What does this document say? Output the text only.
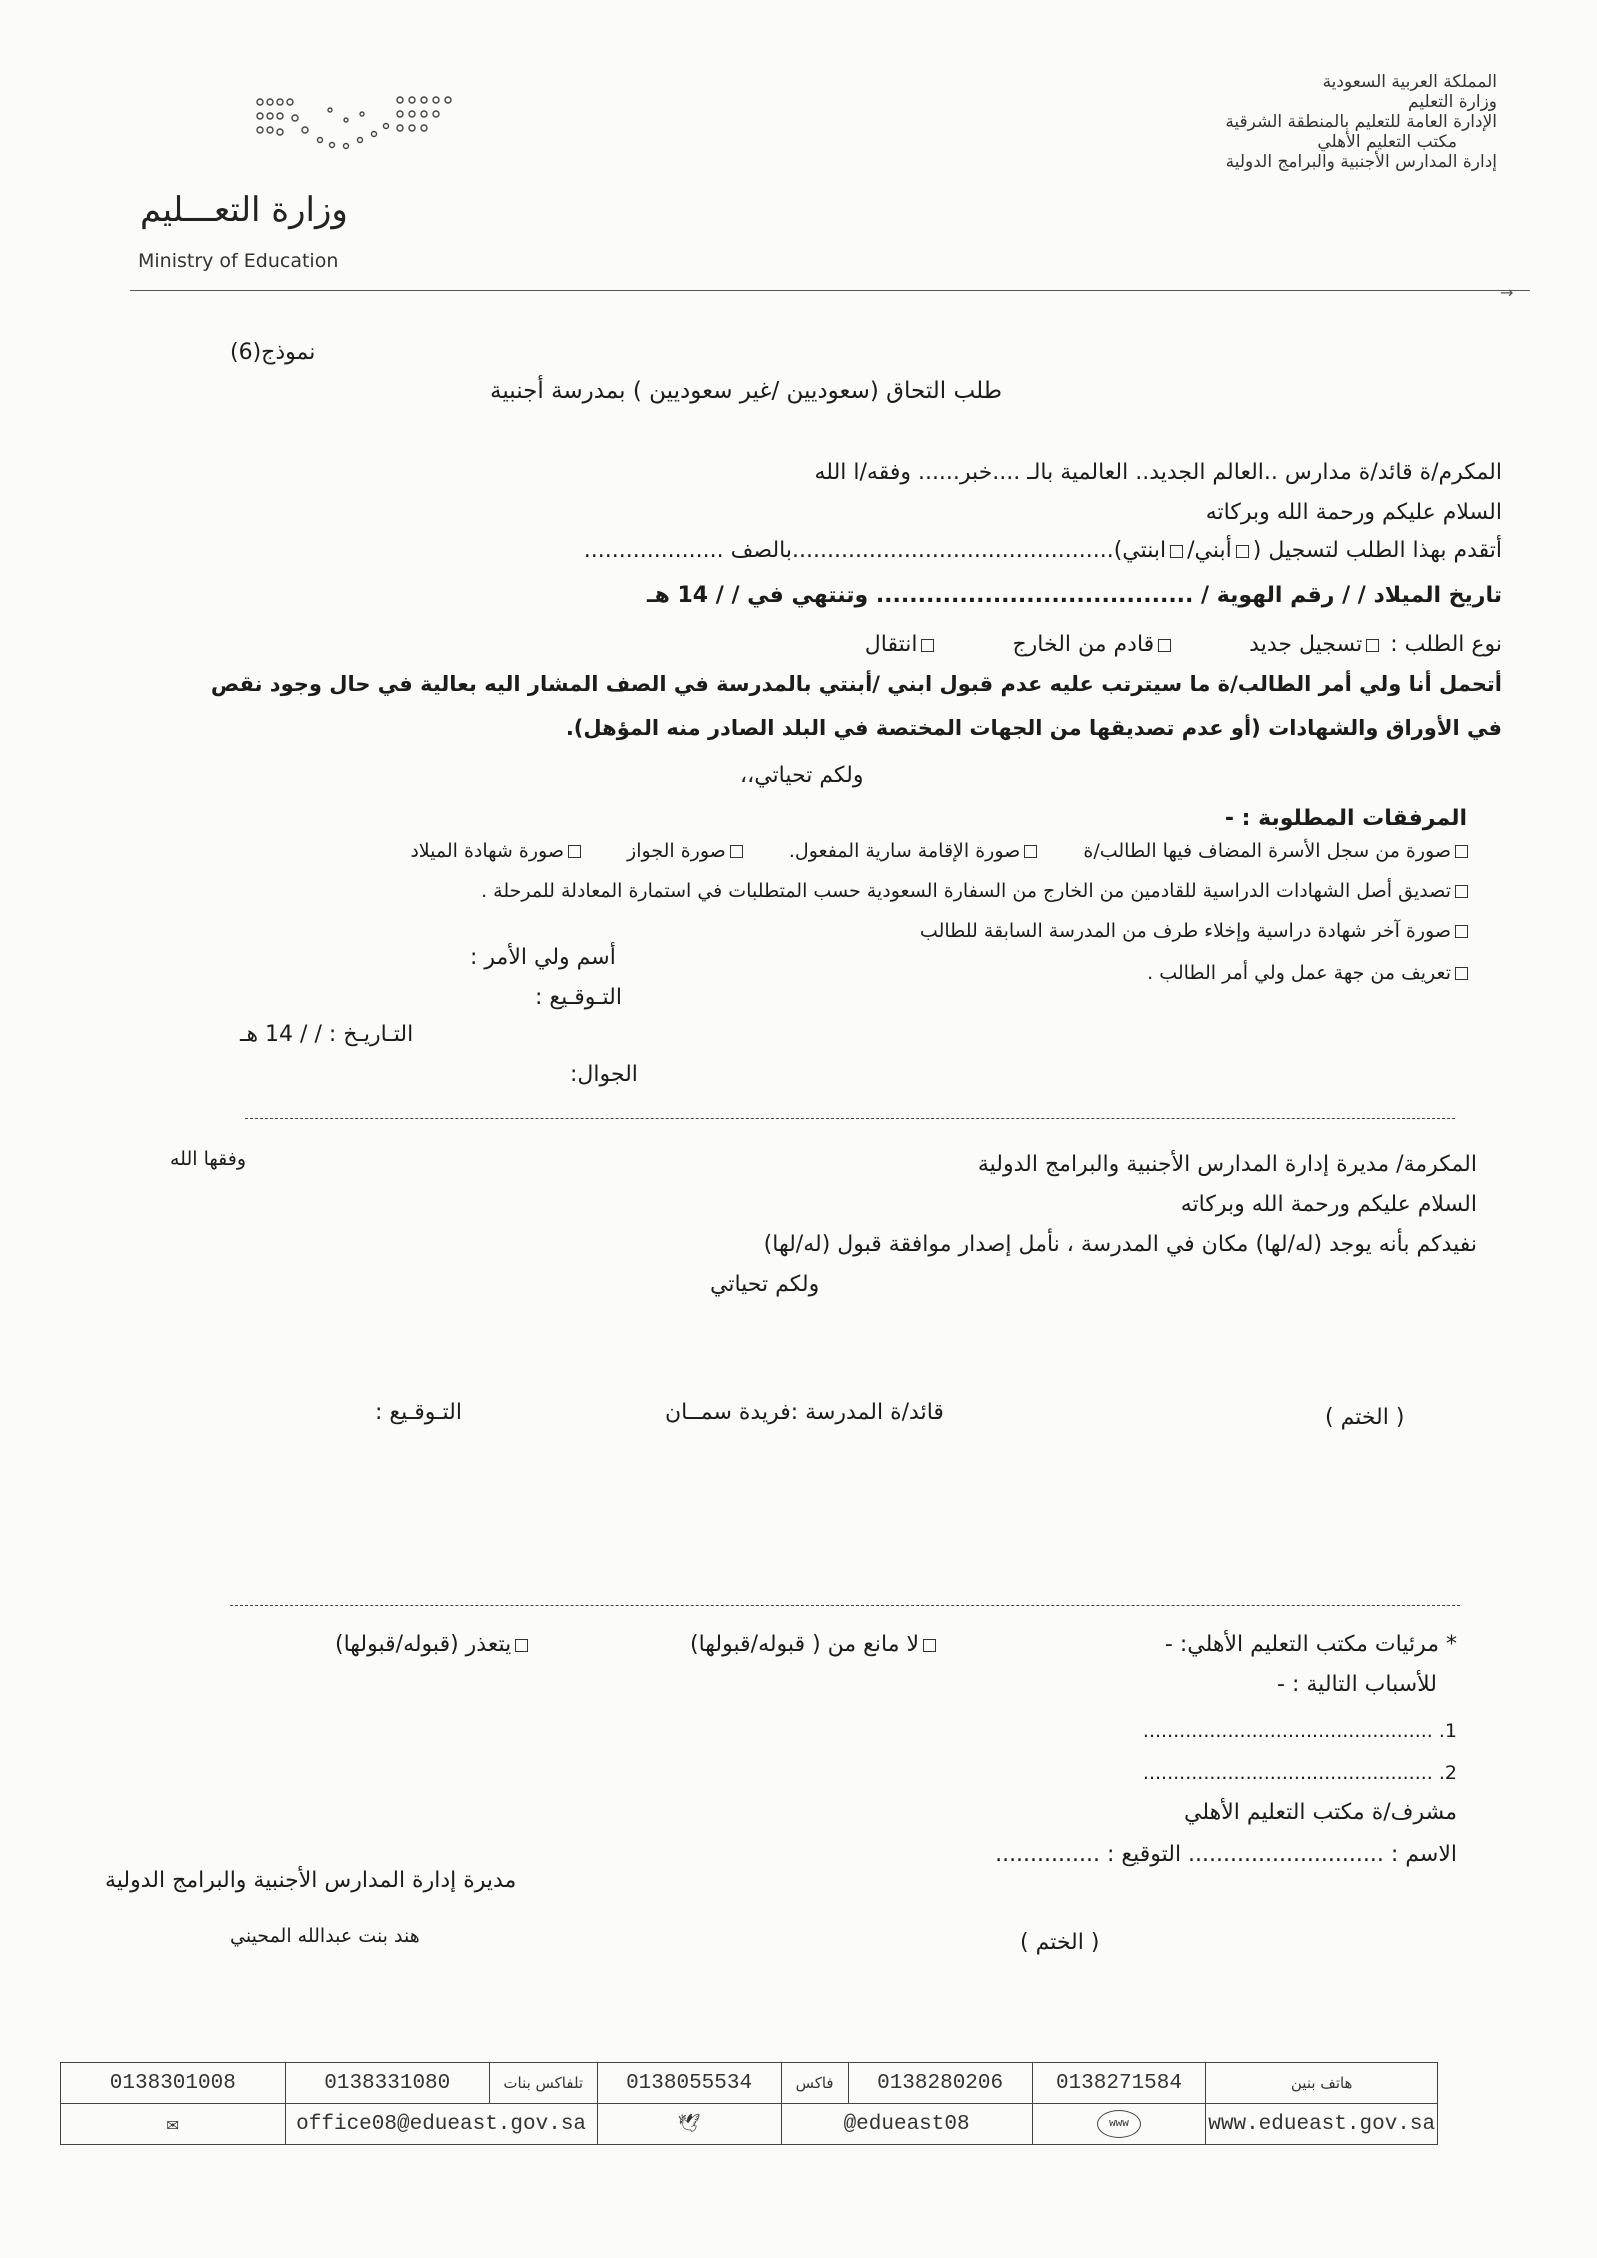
المملكة العربية السعودية
وزارة التعليم
الإدارة العامة للتعليم بالمنطقة الشرقية
مكتب التعليم الأهلي
إدارة المدارس الأجنبية والبرامج الدولية
وزارة التعـــليم
Ministry of Education
→
نموذج(6)
طلب التحاق (سعوديين /غير سعوديين ) بمدرسة أجنبية
المكرم/ة قائد/ة مدارس ..العالم الجديد.. العالمية بالـ ....خبر...... وفقه/ا الله
السلام عليكم ورحمة الله وبركاته
أتقدم بهذا الطلب لتسجيل (أبني/ابنتي)..............................................بالصف ....................
تاريخ الميلاد / / رقم الهوية / ...................................... وتنتهي في / / 14 هـ
نوع الطلب : تسجيل جديد  قادم من الخارج  انتقال
أتحمل أنا ولي أمر الطالب/ة ما سيترتب عليه عدم قبول ابني /أبنتي بالمدرسة في الصف المشار اليه بعالية في حال وجود نقص
في الأوراق والشهادات (أو عدم تصديقها من الجهات المختصة في البلد الصادر منه المؤهل).
ولكم تحياتي،،
المرفقات المطلوبة : -
صورة من سجل الأسرة المضاف فيها الطالب/ة  صورة الإقامة سارية المفعول.  صورة الجواز  صورة شهادة الميلاد
تصديق أصل الشهادات الدراسية للقادمين من الخارج من السفارة السعودية حسب المتطلبات في استمارة المعادلة للمرحلة .
صورة آخر شهادة دراسية وإخلاء طرف من المدرسة السابقة للطالب
تعريف من جهة عمل ولي أمر الطالب .
أسم ولي الأمر :
التـوقـيع :
التـاريـخ : / / 14 هـ
الجوال:
المكرمة/ مديرة إدارة المدارس الأجنبية والبرامج الدولية
وفقها الله
السلام عليكم ورحمة الله وبركاته
نفيدكم بأنه يوجد (له/لها) مكان في المدرسة ، نأمل إصدار موافقة قبول (له/لها)
ولكم تحياتي
( الختم )
قائد/ة المدرسة :فريدة سمــان
التـوقـيع :
* مرئيات مكتب التعليم الأهلي: -
لا مانع من ( قبوله/قبولها)
يتعذر (قبوله/قبولها)
للأسباب التالية : -
1. ................................................
2. ................................................
مشرف/ة مكتب التعليم الأهلي
الاسم : ............................ التوقيع : ...............
مديرة إدارة المدارس الأجنبية والبرامج الدولية
هند بنت عبدالله المحيني	( الختم )
0138301008	0138331080	تلفاكس بنات	0138055534	فاكس	0138280206	0138271584	هاتف بنين
✉	office08@edueast.gov.sa		🕊	@edueast08		www	www.edueast.gov.sa
